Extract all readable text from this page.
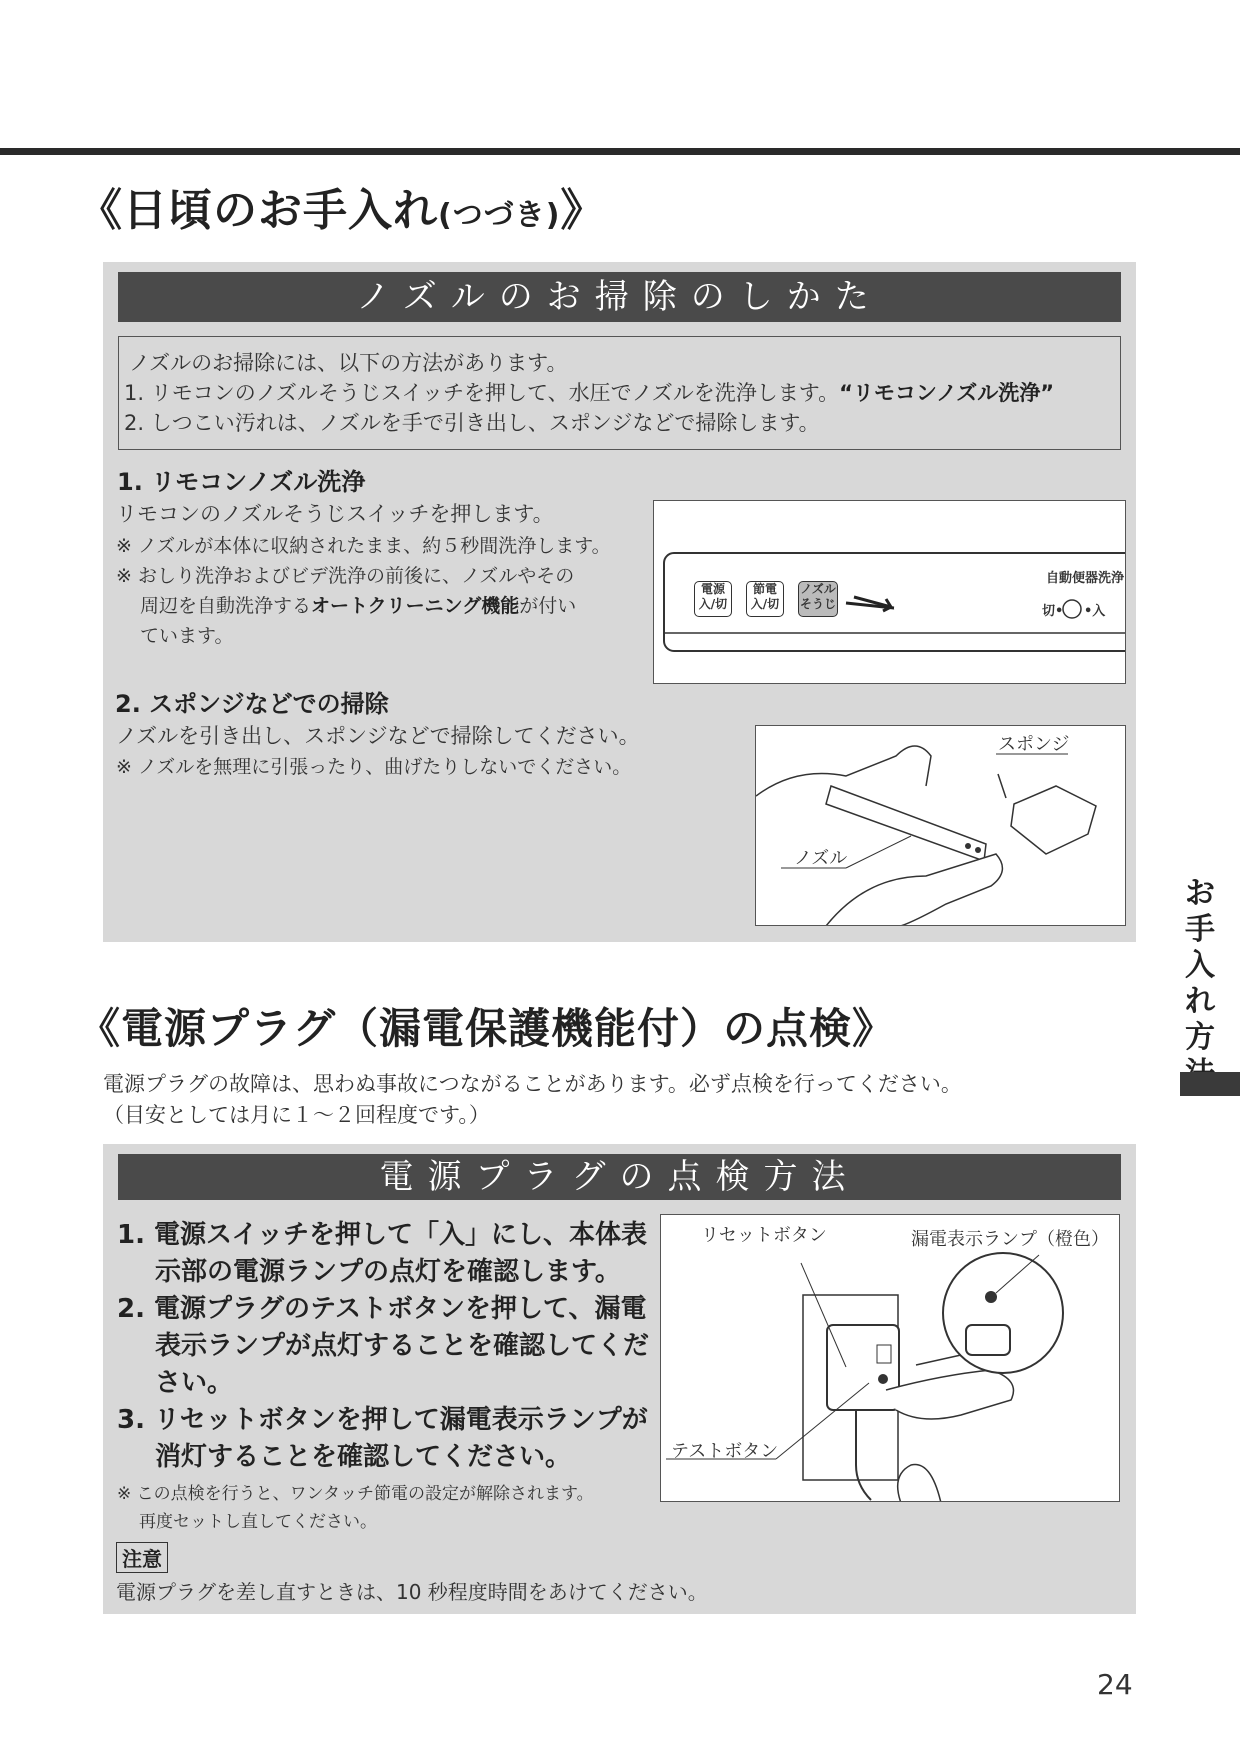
《日頃のお手入れ(つづき)》
ノズルのお掃除のしかた
ノズルのお掃除には、以下の方法があります。
1. リモコンのノズルそうじスイッチを押して、水圧でノズルを洗浄します。“リモコンノズル洗浄”
2. しつこい汚れは、ノズルを手で引き出し、スポンジなどで掃除します。
1. リモコンノズル洗浄
リモコンのノズルそうじスイッチを押します。
※ ノズルが本体に収納されたまま、約５秒間洗浄します。
※ おしり洗浄およびビデ洗浄の前後に、ノズルやその
周辺を自動洗浄するオートクリーニング機能が付い
ています。
電源
入/切
節電
入/切
ノズル
そうじ
自動便器洗浄
切• •入
2. スポンジなどでの掃除
ノズルを引き出し、スポンジなどで掃除してください。
※ ノズルを無理に引張ったり、曲げたりしないでください。
スポンジ
ノズル
《電源プラグ（漏電保護機能付）の点検》
電源プラグの故障は、思わぬ事故につながることがあります。必ず点検を行ってください。
（目安としては月に１～２回程度です。）
電源プラグの点検方法
1. 電源スイッチを押して「入」にし、本体表
示部の電源ランプの点灯を確認します。
2. 電源プラグのテストボタンを押して、漏電
表示ランプが点灯することを確認してくだ
さい。
3. リセットボタンを押して漏電表示ランプが
消灯することを確認してください。
※ この点検を行うと、ワンタッチ節電の設定が解除されます。
再度セットし直してください。
リセットボタン	漏電表示ランプ（橙色）
テストボタン
注意
電源プラグを差し直すときは、10 秒程度時間をあけてください。
お手入れ方
24
